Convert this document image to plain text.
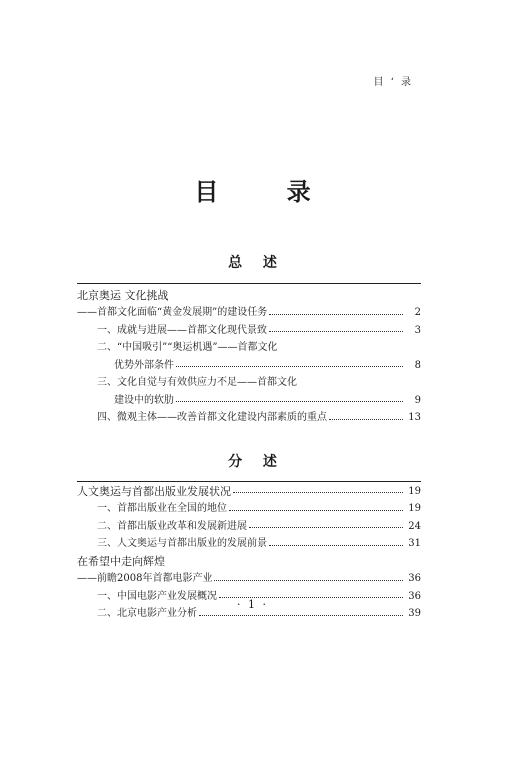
目 ‘ 录
目 录
总 述
北京奥运 文化挑战
——首都文化面临“黄金发展期”的建设任务	2
一、成就与进展——首都文化现代景致	3
二、“中国吸引”“奥运机遇”——首都文化
优势外部条件	8
三、文化自觉与有效供应力不足——首都文化
建设中的软肋	9
四、微观主体——改善首都文化建设内部素质的重点	13
分 述
人文奥运与首都出版业发展状况	19
一、首都出版业在全国的地位	19
二、首都出版业改革和发展新进展	24
三、人文奥运与首都出版业的发展前景	31
在希望中走向辉煌
——前瞻2008年首都电影产业	36
一、中国电影产业发展概况	36
二、北京电影产业分析	39
· 1 ·
